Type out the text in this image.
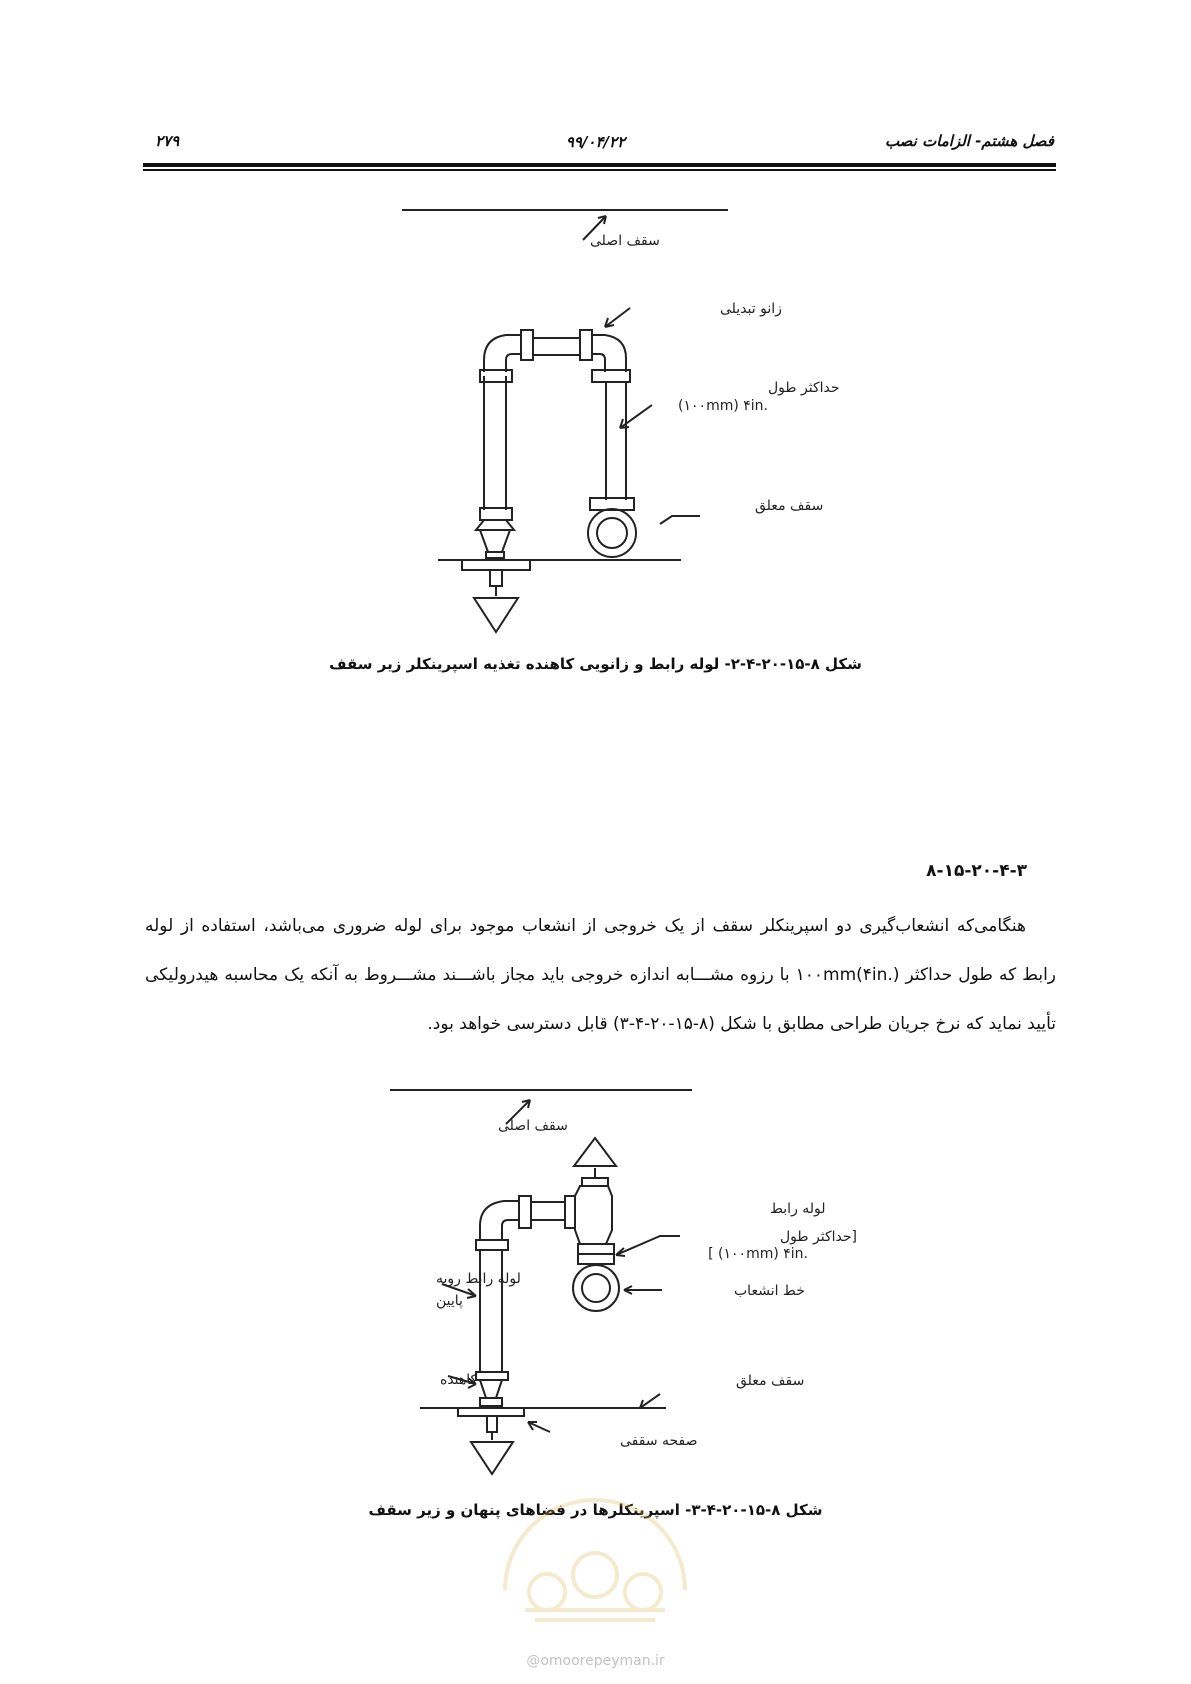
فصل هشتم- الزامات نصب
۹۹/۰۴/۲۲
۲۷۹
سقف اصلی
زانو تبدیلی
حداکثر طول
(۱۰۰mm) ۴in.
سقف معلق
شکل ۸-۱۵-۲۰-۴-۲- لوله رابط و زانویی کاهنده تغذیه اسپرینکلر زیر سقف
۸-۱۵-۲۰-۴-۳

هنگامی‌که انشعاب‌گیری دو اسپرینکلر سقف از یک خروجی از انشعاب موجود برای لوله ضروری می‌باشد، استفاده از لوله رابط که طول حداکثر ۱۰۰mm(۴in.) با رزوه مشـــابه اندازه خروجی باید مجاز باشـــند مشـــروط به آنکه یک محاسبه هیدرولیکی تأیید نماید که نرخ جریان طراحی مطابق با شکل (۸-۱۵-۲۰-۴-۳) قابل دسترسی خواهد بود.

سقف اصلی
لوله رابط
[حداکثر طول
[ (۱۰۰mm) ۴in.
خط انشعاب
لوله رابط روبه
پایین
کاهنده	سقف معلق
صفحه سقفی
شکل ۸-۱۵-۲۰-۴-۳- اسپرینکلرها در فضاهای پنهان و زیر سقف
@omoorepeyman.ir
